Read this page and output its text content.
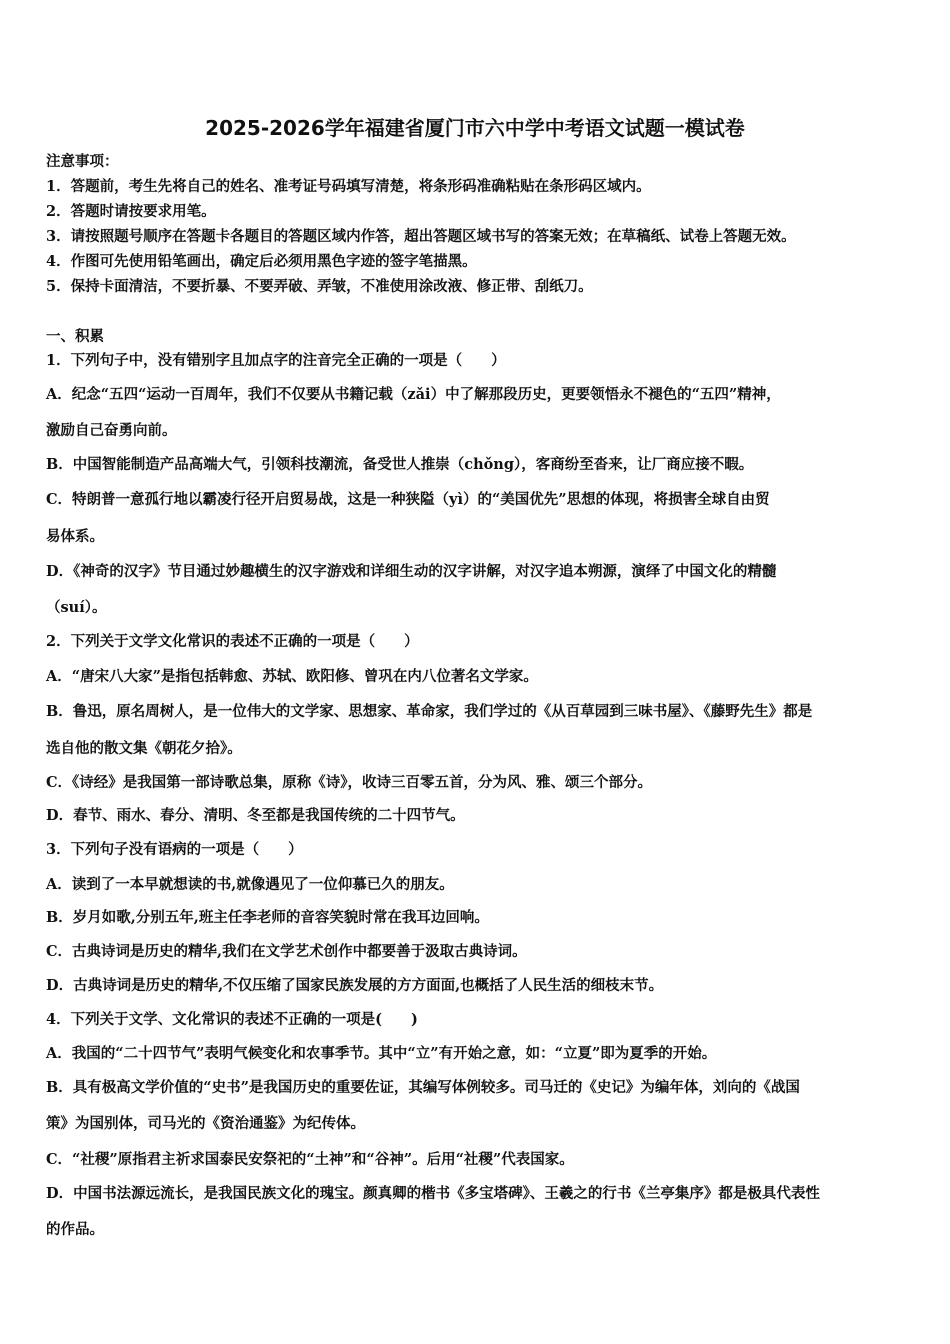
2025-2026学年福建省厦门市六中学中考语文试题一模试卷
注意事项：
1．答题前，考生先将自己的姓名、准考证号码填写清楚，将条形码准确粘贴在条形码区域内。
2．答题时请按要求用笔。
3．请按照题号顺序在答题卡各题目的答题区域内作答，超出答题区域书写的答案无效；在草稿纸、试卷上答题无效。
4．作图可先使用铅笔画出，确定后必须用黑色字迹的签字笔描黑。
5．保持卡面清洁，不要折暴、不要弄破、弄皱，不准使用涂改液、修正带、刮纸刀。
一、积累
1．下列句子中，没有错别字且加点字的注音完全正确的一项是（　　）
A．纪念“五四“运动一百周年，我们不仅要从书籍记载（zǎi）中了解那段历史，更要领悟永不褪色的“五四”精神，
激励自己奋勇向前。
B．中国智能制造产品高端大气，引领科技潮流，备受世人推崇（chǒng），客商纷至沓来，让厂商应接不暇。
C．特朗普一意孤行地以霸凌行径开启贸易战，这是一种狭隘（yì）的“美国优先”思想的体现，将损害全球自由贸
易体系。
D．《神奇的汉字》节目通过妙趣横生的汉字游戏和详细生动的汉字讲解，对汉字追本朔源，演绎了中国文化的精髓
（suí）。
2．下列关于文学文化常识的表述不正确的一项是（　　）
A．“唐宋八大家”是指包括韩愈、苏轼、欧阳修、曾巩在内八位著名文学家。
B．鲁迅，原名周树人，是一位伟大的文学家、思想家、革命家，我们学过的《从百草园到三味书屋》、《藤野先生》都是
选自他的散文集《朝花夕拾》。
C．《诗经》是我国第一部诗歌总集，原称《诗》，收诗三百零五首，分为风、雅、颂三个部分。
D．春节、雨水、春分、清明、冬至都是我国传统的二十四节气。
3．下列句子没有语病的一项是（　　）
A．读到了一本早就想读的书,就像遇见了一位仰慕已久的朋友。
B．岁月如歌,分别五年,班主任李老师的音容笑貌时常在我耳边回响。
C．古典诗词是历史的精华,我们在文学艺术创作中都要善于汲取古典诗词。
D．古典诗词是历史的精华,不仅压缩了国家民族发展的方方面面,也概括了人民生活的细枝末节。
4．下列关于文学、文化常识的表述不正确的一项是(　　)
A．我国的“二十四节气”表明气候变化和农事季节。其中“立”有开始之意，如：“立夏”即为夏季的开始。
B．具有极高文学价值的“史书”是我国历史的重要佐证，其编写体例较多。司马迁的《史记》为编年体，刘向的《战国
策》为国别体，司马光的《资治通鉴》为纪传体。
C．“社稷”原指君主祈求国泰民安祭祀的“土神”和“谷神”。后用“社稷”代表国家。
D．中国书法源远流长，是我国民族文化的瑰宝。颜真卿的楷书《多宝塔碑》、王羲之的行书《兰亭集序》都是极具代表性
的作品。
